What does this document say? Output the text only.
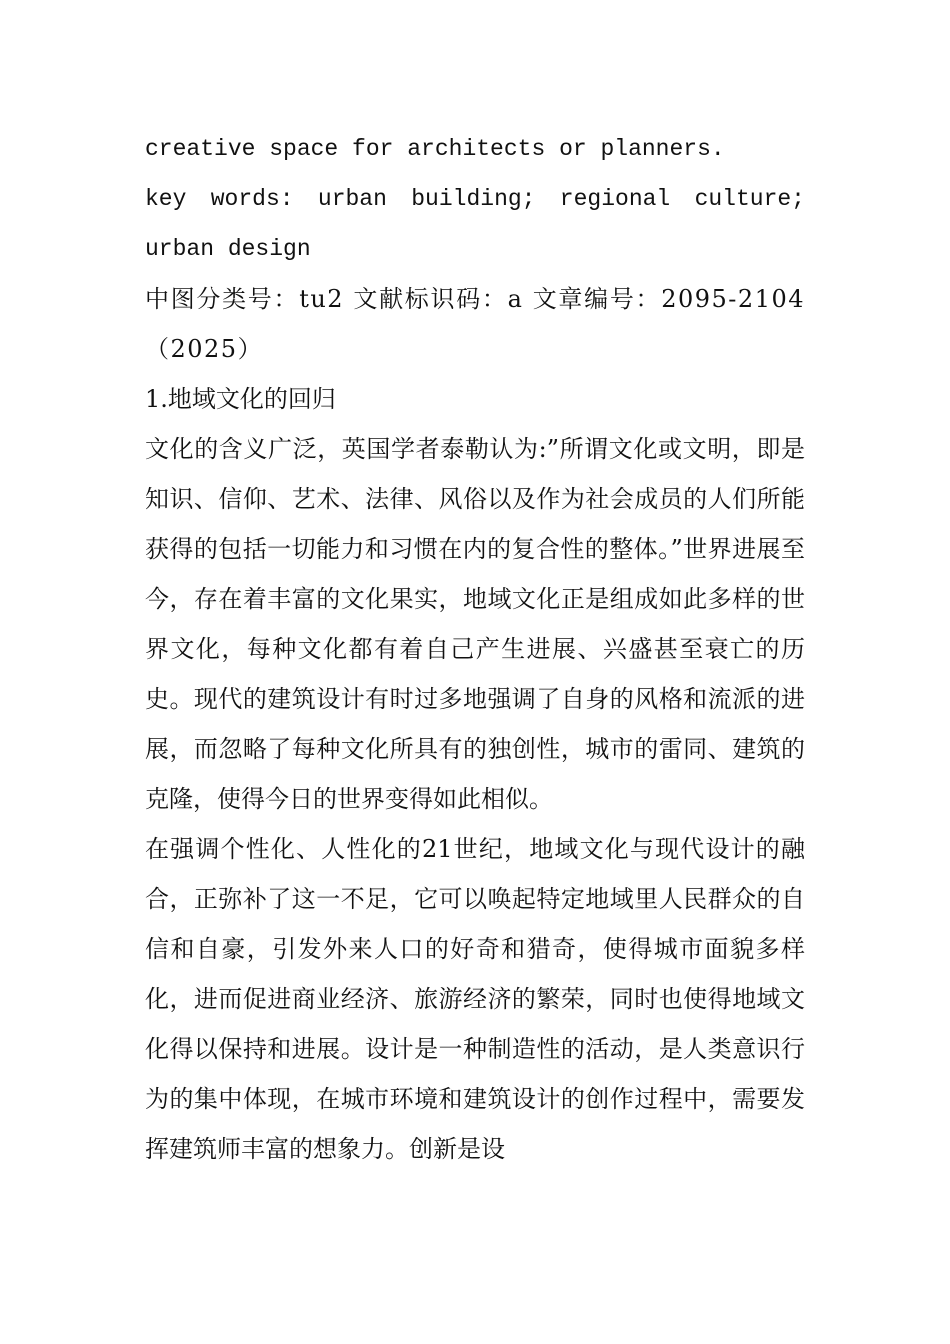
creative space for architects or planners.

key words: urban building; regional culture; urban design

中图分类号：tu2 文献标识码：a 文章编号：2095-2104（2025）

1.地域文化的回归

文化的含义广泛，英国学者泰勒认为:”所谓文化或文明，即是知识、信仰、艺术、法律、风俗以及作为社会成员的人们所能获得的包括一切能力和习惯在内的复合性的整体。”世界进展至今，存在着丰富的文化果实，地域文化正是组成如此多样的世界文化，每种文化都有着自己产生进展、兴盛甚至衰亡的历史。现代的建筑设计有时过多地强调了自身的风格和流派的进展，而忽略了每种文化所具有的独创性，城市的雷同、建筑的克隆，使得今日的世界变得如此相似。

在强调个性化、人性化的21世纪，地域文化与现代设计的融合，正弥补了这一不足，它可以唤起特定地域里人民群众的自信和自豪，引发外来人口的好奇和猎奇，使得城市面貌多样化，进而促进商业经济、旅游经济的繁荣，同时也使得地域文化得以保持和进展。设计是一种制造性的活动，是人类意识行为的集中体现，在城市环境和建筑设计的创作过程中，需要发挥建筑师丰富的想象力。创新是设
